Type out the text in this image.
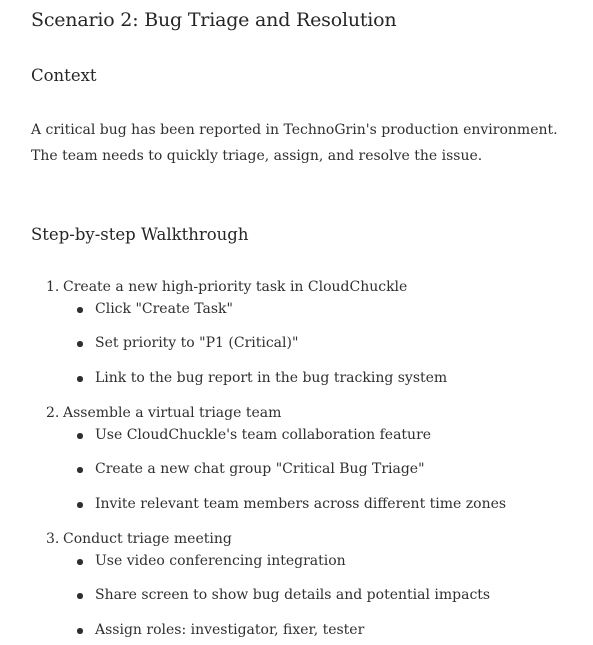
Scenario 2: Bug Triage and Resolution
Context

A critical bug has been reported in TechnoGrin's production environment. The team needs to quickly triage, assign, and resolve the issue.

Step-by-step Walkthrough
1. Create a new high-priority task in CloudChuckle
Click "Create Task"
Set priority to "P1 (Critical)"
Link to the bug report in the bug tracking system
2. Assemble a virtual triage team
Use CloudChuckle's team collaboration feature
Create a new chat group "Critical Bug Triage"
Invite relevant team members across different time zones
3. Conduct triage meeting
Use video conferencing integration
Share screen to show bug details and potential impacts
Assign roles: investigator, fixer, tester
